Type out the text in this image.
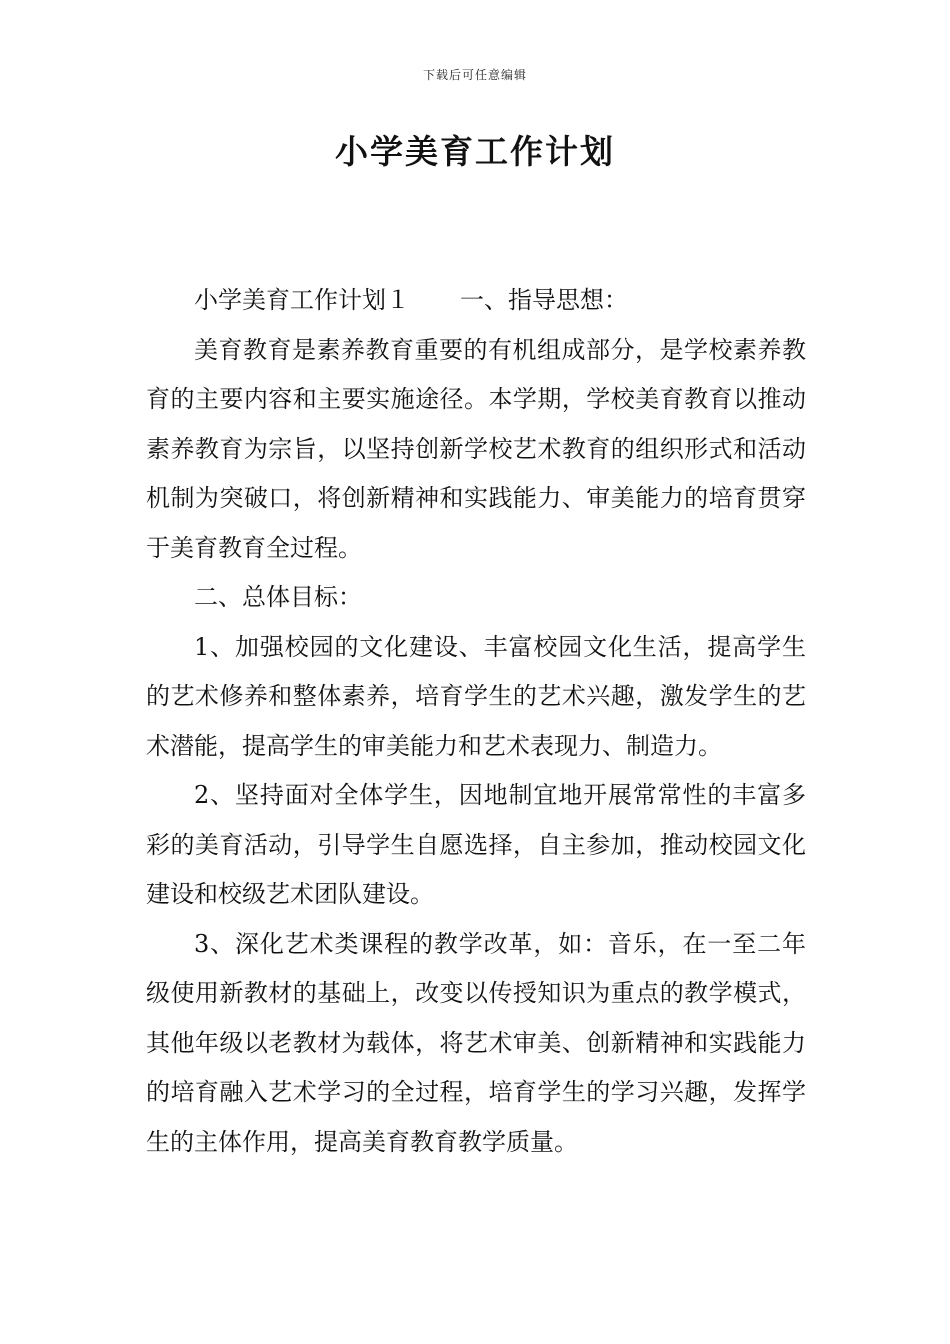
下载后可任意编辑
小学美育工作计划

小学美育工作计划１ 一、指导思想：

美育教育是素养教育重要的有机组成部分，是学校素养教育的主要内容和主要实施途径。本学期，学校美育教育以推动素养教育为宗旨，以坚持创新学校艺术教育的组织形式和活动机制为突破口，将创新精神和实践能力、审美能力的培育贯穿于美育教育全过程。

二、总体目标：

1、加强校园的文化建设、丰富校园文化生活，提高学生的艺术修养和整体素养，培育学生的艺术兴趣，激发学生的艺术潜能，提高学生的审美能力和艺术表现力、制造力。

2、坚持面对全体学生，因地制宜地开展常常性的丰富多彩的美育活动，引导学生自愿选择，自主参加，推动校园文化建设和校级艺术团队建设。

3、深化艺术类课程的教学改革，如：音乐，在一至二年级使用新教材的基础上，改变以传授知识为重点的教学模式，其他年级以老教材为载体，将艺术审美、创新精神和实践能力的培育融入艺术学习的全过程，培育学生的学习兴趣，发挥学生的主体作用，提高美育教育教学质量。
